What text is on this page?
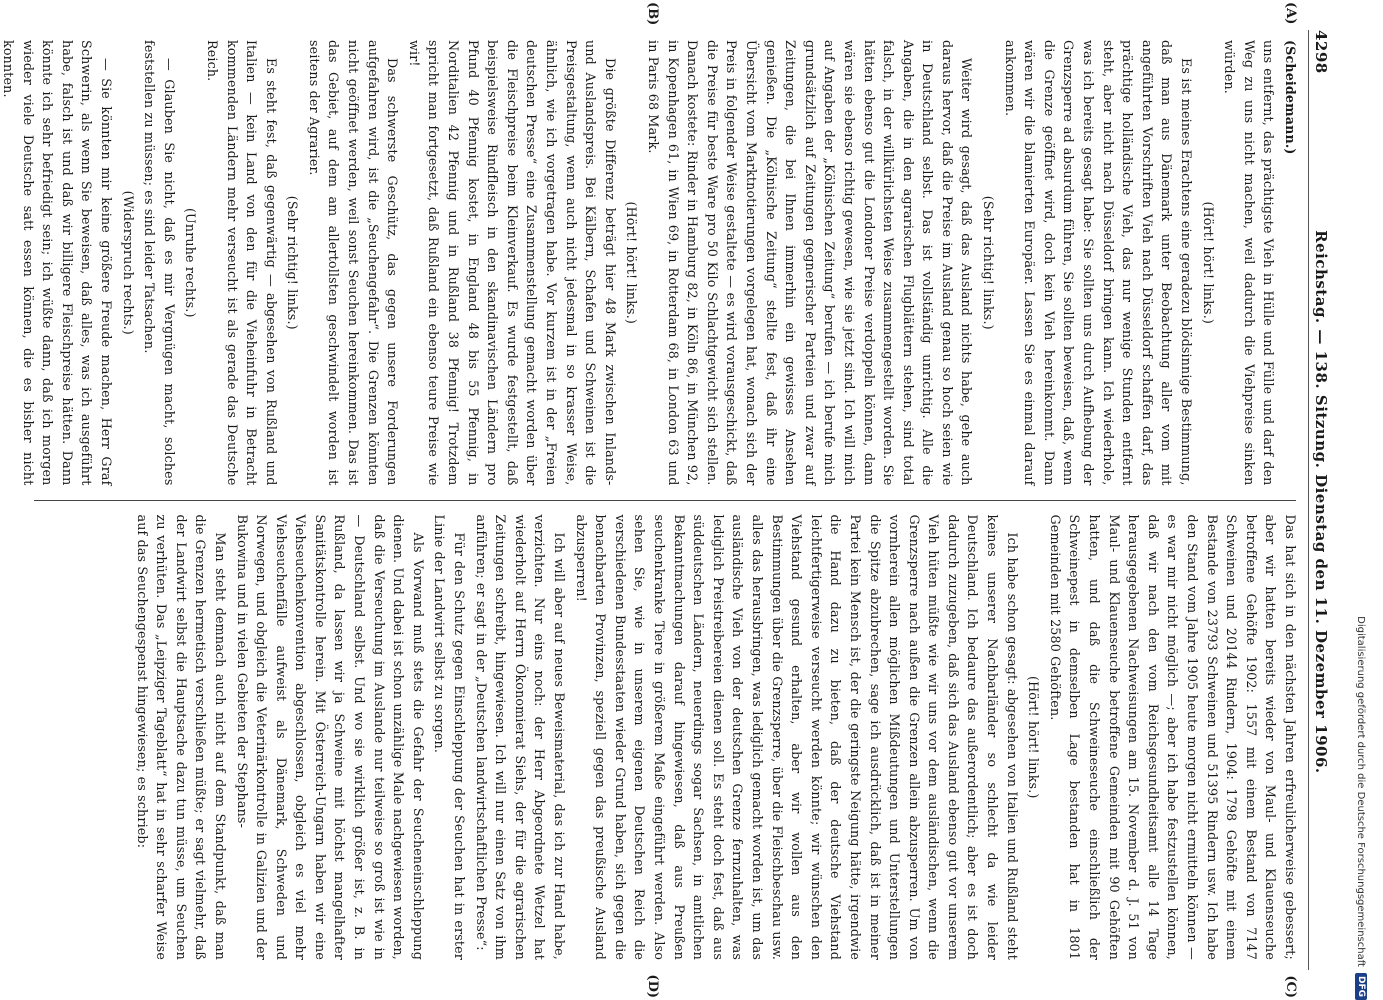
4298
Reichstag. — 138. Sitzung. Dienstag den 11. Dezember 1906.
(A)
(B)

(Scheidemann.)

uns entfernt, das prächtigste Vieh in Hülle und Fülle und darf den Weg zu uns nicht machen, weil dadurch die Viehpreise sinken würden.

(Hört! hört! links.)

Es ist meines Erachtens eine geradezu blödsinnige Bestimmung, daß man aus Dänemark unter Beobachtung aller vom mit angeführten Vorschriften Vieh nach Düsseldorf schaffen darf, das prächtige holländische Vieh, das nur wenige Stunden entfernt steht, aber nicht nach Düsseldorf bringen kann. Ich wiederhole, was ich bereits gesagt habe: Sie sollten uns durch Aufhebung der Grenzsperre ad absurdum führen, Sie sollten beweisen, daß, wenn die Grenze geöffnet wird, doch kein Vieh hereinkommt. Dann wären wir die blamierten Europäer. Lassen Sie es einmal darauf ankommen.

(Sehr richtig! links.)

Weiter wird gesagt, daß das Ausland nichts habe, gehe auch daraus hervor, daß die Preise im Ausland genau so hoch seien wie in Deutschland selbst. Das ist vollständig unrichtig. Alle die Angaben, die in den agrarischen Flugblättern stehen, sind total falsch, in der willkürlichsten Weise zusammengestellt worden. Sie hätten ebenso gut die Londoner Preise verdoppeln können, dann wären sie ebenso richtig gewesen, wie sie jetzt sind. Ich will mich auf Angaben der „Kölnischen Zeitung“ berufen — ich berufe mich grundsätzlich auf Zeitungen gegnerischer Parteien und zwar auf Zeitungen, die bei Ihnen immerhin ein gewisses Ansehen genießen. Die „Kölnische Zeitung“ stellte fest, daß ihr eine Übersicht vom Marktnotierungen vorgelegen hat, wonach sich der Preis in folgender Weise gestaltete — es wird vorausgeschickt, daß die Preise für beste Ware pro 50 Kilo Schlachtgewicht sich stellen. Danach kostete: Rinder in Hamburg 82, in Köln 86, in München 92, in Kopenhagen 61, in Wien 69, in Rotterdam 68, in London 63 und in Paris 68 Mark.

(Hört! hört! links.)

Die größte Differenz beträgt hier 48 Mark zwischen Inlands- und Auslandspreis. Bei Kälbern, Schafen und Schweinen ist die Preisgestaltung, wenn auch nicht jedesmal in so krasser Weise, ähnlich, wie ich vorgetragen habe. Vor kurzem ist in der „Freien deutschen Presse“ eine Zusammenstellung gemacht worden über die Fleischpreise beim Kleinverkauf. Es wurde festgestellt, daß beispielsweise Rindfleisch in den skandinavischen Ländern pro Pfund 40 Pfennig kostet, in England 48 bis 55 Pfennig, in Norditalien 42 Pfennig und in Rußland 38 Pfennig! Trotzdem spricht man fortgesetzt, daß Rußland ein ebenso teure Preise wie wir!

Das schwerste Geschütz, das gegen unsere Forderungen aufgefahren wird, ist die „Seuchengefahr“. Die Grenzen könnten nicht geöffnet werden, weil sonst Seuchen hereinkommen. Das ist das Gebiet, auf dem am allertollsten geschwindelt worden ist seitens der Agrarier.

(Sehr richtig! links.)

Es steht fest, daß gegenwärtig — abgesehen von Rußland und Italien — kein Land von den für die Vieheinfuhr in Betracht kommenden Ländern mehr verseucht ist als gerade das Deutsche Reich.

(Unruhe rechts.)

— Glauben Sie nicht, daß es mir Vergnügen macht, solches feststellen zu müssen; es sind leider Tatsachen.

(Widerspruch rechts.)

— Sie könnten mir keine größere Freude machen, Herr Graf Schwerin, als wenn Sie beweisen, daß alles, was ich ausgeführt habe, falsch ist und daß wir billigere Fleischpreise hätten. Dann könnte ich sehr befriedigt sein; ich wüßte dann, daß ich morgen wieder viele Deutsche satt essen können, die es bisher nicht konnten.

Das hat sich in den nächsten Jahren erfreulicherweise gebessert; aber wir hatten bereits wieder von Maul- und Klauenseuche betroffene Gehöfte 1902: 1557 mit einem Bestand von 7147 Schweinen und 20144 Rindern, 1904: 1798 Gehöfte mit einem Bestande von 23793 Schweinen und 51395 Rindern usw. Ich habe den Stand vom Jahre 1905 heute morgen nicht ermitteln können — es war mir nicht möglich —; aber ich habe festzustellen können, daß wir nach den vom Reichsgesundheitsamt alle 14 Tage herausgegebenen Nachweisungen am 15. November d. J. 51 von Maul- und Klauenseuche betroffene Gemeinden mit 90 Gehöften hatten, und daß die Schweineseuche einschließlich der Schweinepest in demselben Lage bestanden hat in 1801 Gemeinden mit 2580 Gehöften.

(Hört! hört! links.)

Ich habe schon gesagt: abgesehen von Italien und Rußland steht keines unserer Nachbarländer so schlecht da wie leider Deutschland. Ich bedaure das außerordentlich; aber es ist doch dadurch zuzugeben, daß sich das Ausland ebenso gut vor unserem Vieh hüten müßte wie wir uns vor dem ausländischen, wenn die Grenzsperre nach außen die Grenzen allein abzusperren. Um von vornherein allen möglichen Mißdeutungen und Unterstellungen die Spitze abzubrechen, sage ich ausdrücklich, daß ist in meiner Partei kein Mensch ist, der die geringste Neigung hätte, irgendwie die Hand dazu zu bieten, daß der deutsche Viehstand leichtfertigerweise verseucht werden könnte; wir wünschen den Viehstand gesund erhalten, aber wir wollen aus den Bestimmungen über die Grenzsperre, über die Fleischbeschau usw. alles das herausbringen, was lediglich gemacht worden ist, um das ausländische Vieh von der deutschen Grenze fernzuhalten, was lediglich Preistreibereien dienen soll. Es steht doch fest, daß aus süddeutschen Ländern, neuerdings sogar Sachsen, in amtlichen Bekanntmachungen darauf hingewiesen, daß aus Preußen seuchenkranke Tiere in größerem Maße eingeführt werden. Also sehen Sie, wie in unserem eigenen Deutschen Reich die verschiedenen Bundesstaaten wieder Grund haben, sich gegen die benachbarten Provinzen, speziell gegen das preußische Ausland abzusperren!

Ich will aber auf neues Beweismaterial, das ich zur Hand habe, verzichten. Nur eins noch: der Herr Abgeordnete Wetzel hat wiederholt auf Herrn Ökonomierat Siehs, der für die agrarischen Zeitungen schreibt, hingewiesen. Ich will nur einen Satz von ihm anführen; er sagt in der „Deutschen landwirtschaftlichen Presse“:

Für den Schutz gegen Einschleppung der Seuchen hat in erster Linie der Landwirt selbst zu sorgen.

Als Vorwand muß stets die Gefahr der Seucheneinschleppung dienen. Und dabei ist schon unzählige Male nachgewiesen worden, daß die Verseuchung im Auslande nur teilweise so groß ist wie in — Deutschland selbst. Und wo sie wirklich größer ist, z. B. in Rußland, da lassen wir ja Schweine mit höchst mangelhafter Sanitätskontrolle herein. Mit Österreich-Ungarn haben wir eine Viehseuchenkonvention abgeschlossen, obgleich es viel mehr Viehseuchenfälle aufweist als Dänemark, Schweden und Norwegen, und obgleich die Veterinärkontrolle in Galizien und der Bukowina und in vielen Gebieten der Stephans-

Man steht demnach auch nicht auf dem Standpunkt, daß man die Grenzen hermetisch verschließen müßte; er sagt vielmehr, daß der Landwirt selbst die Hauptsache dazu tun müsse, um Seuchen zu verhüten. Das „Leipziger Tageblatt“ hat in sehr scharfer Weise auf das Seuchengespenst hingewiesen; es schrieb:

(C)
(D)
Digitalisierung gefördert durch die Deutsche Forschungsgemeinschaft
DFG
